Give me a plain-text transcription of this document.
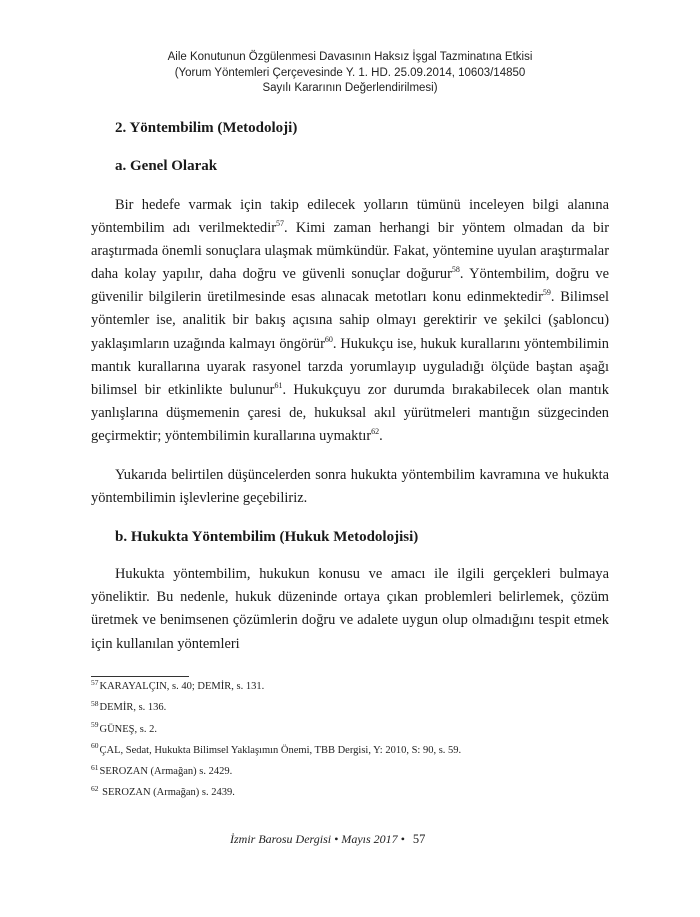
Aile Konutunun Özgülenmesi Davasının Haksız İşgal Tazminatına Etkisi
(Yorum Yöntemleri Çerçevesinde Y. 1. HD. 25.09.2014, 10603/14850
Sayılı Kararının Değerlendirilmesi)
2. Yöntembilim (Metodoloji)
a. Genel Olarak

Bir hedefe varmak için takip edilecek yolların tümünü inceleyen bilgi alanına yöntembilim adı verilmektedir$^{57}$. Kimi zaman herhangi bir yöntem olmadan da bir araştırmada önemli sonuçlara ulaşmak mümkündür. Fakat, yöntemine uyulan araştırmalar daha kolay yapılır, daha doğru ve güvenli sonuçlar doğurur$^{58}$. Yöntembilim, doğru ve güvenilir bilgilerin üretilmesinde esas alınacak metotları konu edinmektedir$^{59}$. Bilimsel yöntemler ise, analitik bir bakış açısına sahip olmayı gerektirir ve şekilci (şabloncu) yaklaşımların uzağında kalmayı öngörür$^{60}$. Hukukçu ise, hukuk kurallarını yöntembilimin mantık kurallarına uyarak rasyonel tarzda yorumlayıp uyguladığı ölçüde baştan aşağı bilimsel bir etkinlikte bulunur$^{61}$. Hukukçuyu zor durumda bırakabilecek olan mantık yanlışlarına düşmemenin çaresi de, hukuksal akıl yürütmeleri mantığın süzgecinden geçirmektir; yöntembilimin kurallarına uymaktır$^{62}$.

Yukarıda belirtilen düşüncelerden sonra hukukta yöntembilim kavramına ve hukukta yöntembilimin işlevlerine geçebiliriz.

b. Hukukta Yöntembilim (Hukuk Metodolojisi)

Hukukta yöntembilim, hukukun konusu ve amacı ile ilgili gerçekleri bulmaya yöneliktir. Bu nedenle, hukuk düzeninde ortaya çıkan problemleri belirlemek, çözüm üretmek ve benimsenen çözümlerin doğru ve adalete uygun olup olmadığını tespit etmek için kullanılan yöntemleri

$^{57}$KARAYALÇIN, s. 40; DEMİR, s. 131.
$^{58}$DEMİR, s. 136.
$^{59}$GÜNEŞ, s. 2.
$^{60}$ÇAL, Sedat, Hukukta Bilimsel Yaklaşımın Önemi, TBB Dergisi, Y: 2010, S: 90, s. 59.
$^{61}$SEROZAN (Armağan) s. 2429.
$^{62}$ SEROZAN (Armağan) s. 2439.
İzmir Barosu Dergisi • Mayıs 2017 • 57
